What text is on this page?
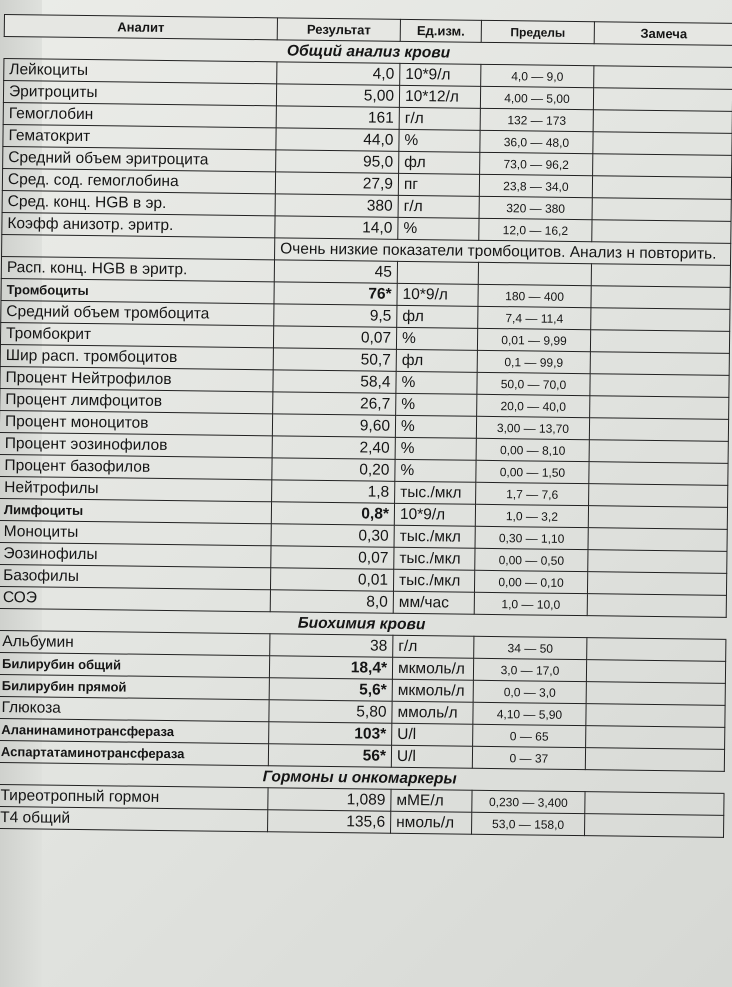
Аналит	Результат	Ед.изм.	Пределы	Замеча
Общий анализ крови				
Лейкоциты	4,0	10*9/л	4,0 — 9,0	
Эритроциты	5,00	10*12/л	4,00 — 5,00	
Гемоглобин	161	г/л	132 — 173	
Гематокрит	44,0	%	36,0 — 48,0	
Средний объем эритроцита	95,0	фл	73,0 — 96,2	
Сред. сод. гемоглобина	27,9	пг	23,8 — 34,0	
Сред. конц. HGB в эр.	380	г/л	320 — 380	
Коэфф анизотр. эритр.	14,0	%	12,0 — 16,2	
	Очень низкие показатели тромбоцитов. Анализ н повторить.			
Расп. конц. HGB в эритр.	45			
Тромбоциты	76*	10*9/л	180 — 400	
Средний объем тромбоцита	9,5	фл	7,4 — 11,4	
Тромбокрит	0,07	%	0,01 — 9,99	
Шир расп. тромбоцитов	50,7	фл	0,1 — 99,9	
Процент Нейтрофилов	58,4	%	50,0 — 70,0	
Процент лимфоцитов	26,7	%	20,0 — 40,0	
Процент моноцитов	9,60	%	3,00 — 13,70	
Процент эозинофилов	2,40	%	0,00 — 8,10	
Процент базофилов	0,20	%	0,00 — 1,50	
Нейтрофилы	1,8	тыс./мкл	1,7 — 7,6	
Лимфоциты	0,8*	10*9/л	1,0 — 3,2	
Моноциты	0,30	тыс./мкл	0,30 — 1,10	
Эозинофилы	0,07	тыс./мкл	0,00 — 0,50	
Базофилы	0,01	тыс./мкл	0,00 — 0,10	
СОЭ	8,0	мм/час	1,0 — 10,0	
Биохимия крови				
Альбумин	38	г/л	34 — 50	
Билирубин общий	18,4*	мкмоль/л	3,0 — 17,0	
Билирубин прямой	5,6*	мкмоль/л	0,0 — 3,0	
Глюкоза	5,80	ммоль/л	4,10 — 5,90	
Аланинаминотрансфераза	103*	U/l	0 — 65	
Аспартатаминотрансфераза	56*	U/l	0 — 37	
Гормоны и онкомаркеры				
Тиреотропный гормон	1,089	мМЕ/л	0,230 — 3,400	
Т4 общий	135,6	нмоль/л	53,0 — 158,0	
